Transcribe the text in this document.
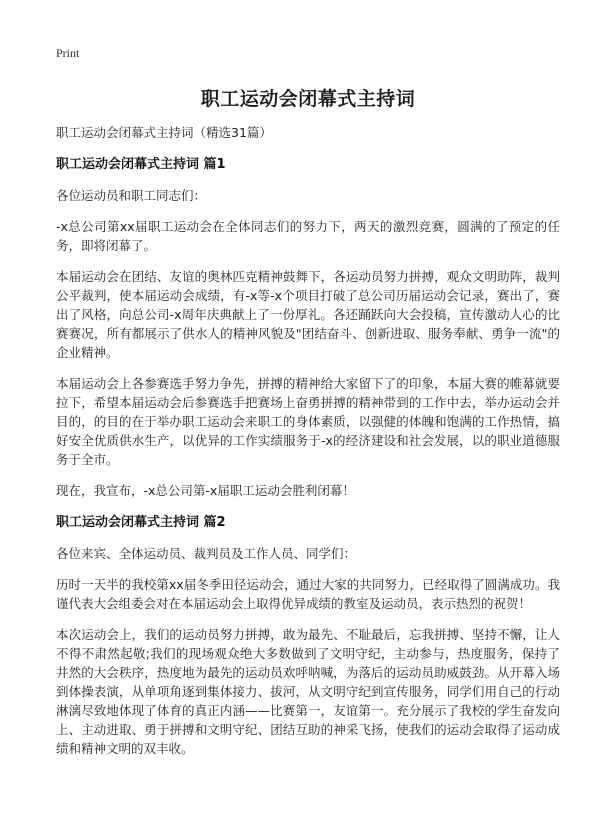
Print
职工运动会闭幕式主持词

职工运动会闭幕式主持词（精选31篇）

职工运动会闭幕式主持词 篇1

各位运动员和职工同志们：

-x总公司第xx届职工运动会在全体同志们的努力下，两天的激烈竞赛，圆满的了预定的任务，即将闭幕了。

本届运动会在团结、友谊的奥林匹克精神鼓舞下，各运动员努力拼搏，观众文明助阵，裁判公平裁判，使本届运动会成绩，有-x等-x个项目打破了总公司历届运动会记录，赛出了，赛出了风格，向总公司-x周年庆典献上了一份厚礼。各还踊跃向大会投稿，宣传激动人心的比赛赛况，所有都展示了供水人的精神风貌及"团结奋斗、创新进取、服务奉献、勇争一流"的企业精神。

本届运动会上各参赛选手努力争先，拼搏的精神给大家留下了的印象，本届大赛的帷幕就要拉下，希望本届运动会后参赛选手把赛场上奋勇拼搏的精神带到的工作中去，举办运动会并目的，的目的在于举办职工运动会来职工的身体素质，以强健的体魄和饱满的工作热情，搞好安全优质供水生产，以优异的工作实绩服务于-x的经济建设和社会发展，以的职业道德服务于全市。

现在，我宣布，-x总公司第-x届职工运动会胜利闭幕！

职工运动会闭幕式主持词 篇2

各位来宾、全体运动员、裁判员及工作人员、同学们：

历时一天半的我校第xx届冬季田径运动会，通过大家的共同努力，已经取得了圆满成功。我谨代表大会组委会对在本届运动会上取得优异成绩的教室及运动员，表示热烈的祝贺！

本次运动会上，我们的运动员努力拼搏，敢为最先、不耻最后，忘我拼搏、坚持不懈，让人不得不肃然起敬;我们的现场观众绝大多数做到了文明守纪，主动参与，热度服务，保持了井然的大会秩序，热度地为最先的运动员欢呼呐喊，为落后的运动员助威鼓劲。从开幕入场到体操表演，从单项角逐到集体接力、拔河，从文明守纪到宣传服务，同学们用自己的行动淋漓尽致地体现了体育的真正内涵——比赛第一，友谊第一。充分展示了我校的学生奋发向上、主动进取、勇于拼搏和文明守纪、团结互助的神采飞扬，使我们的运动会取得了运动成绩和精神文明的双丰收。
